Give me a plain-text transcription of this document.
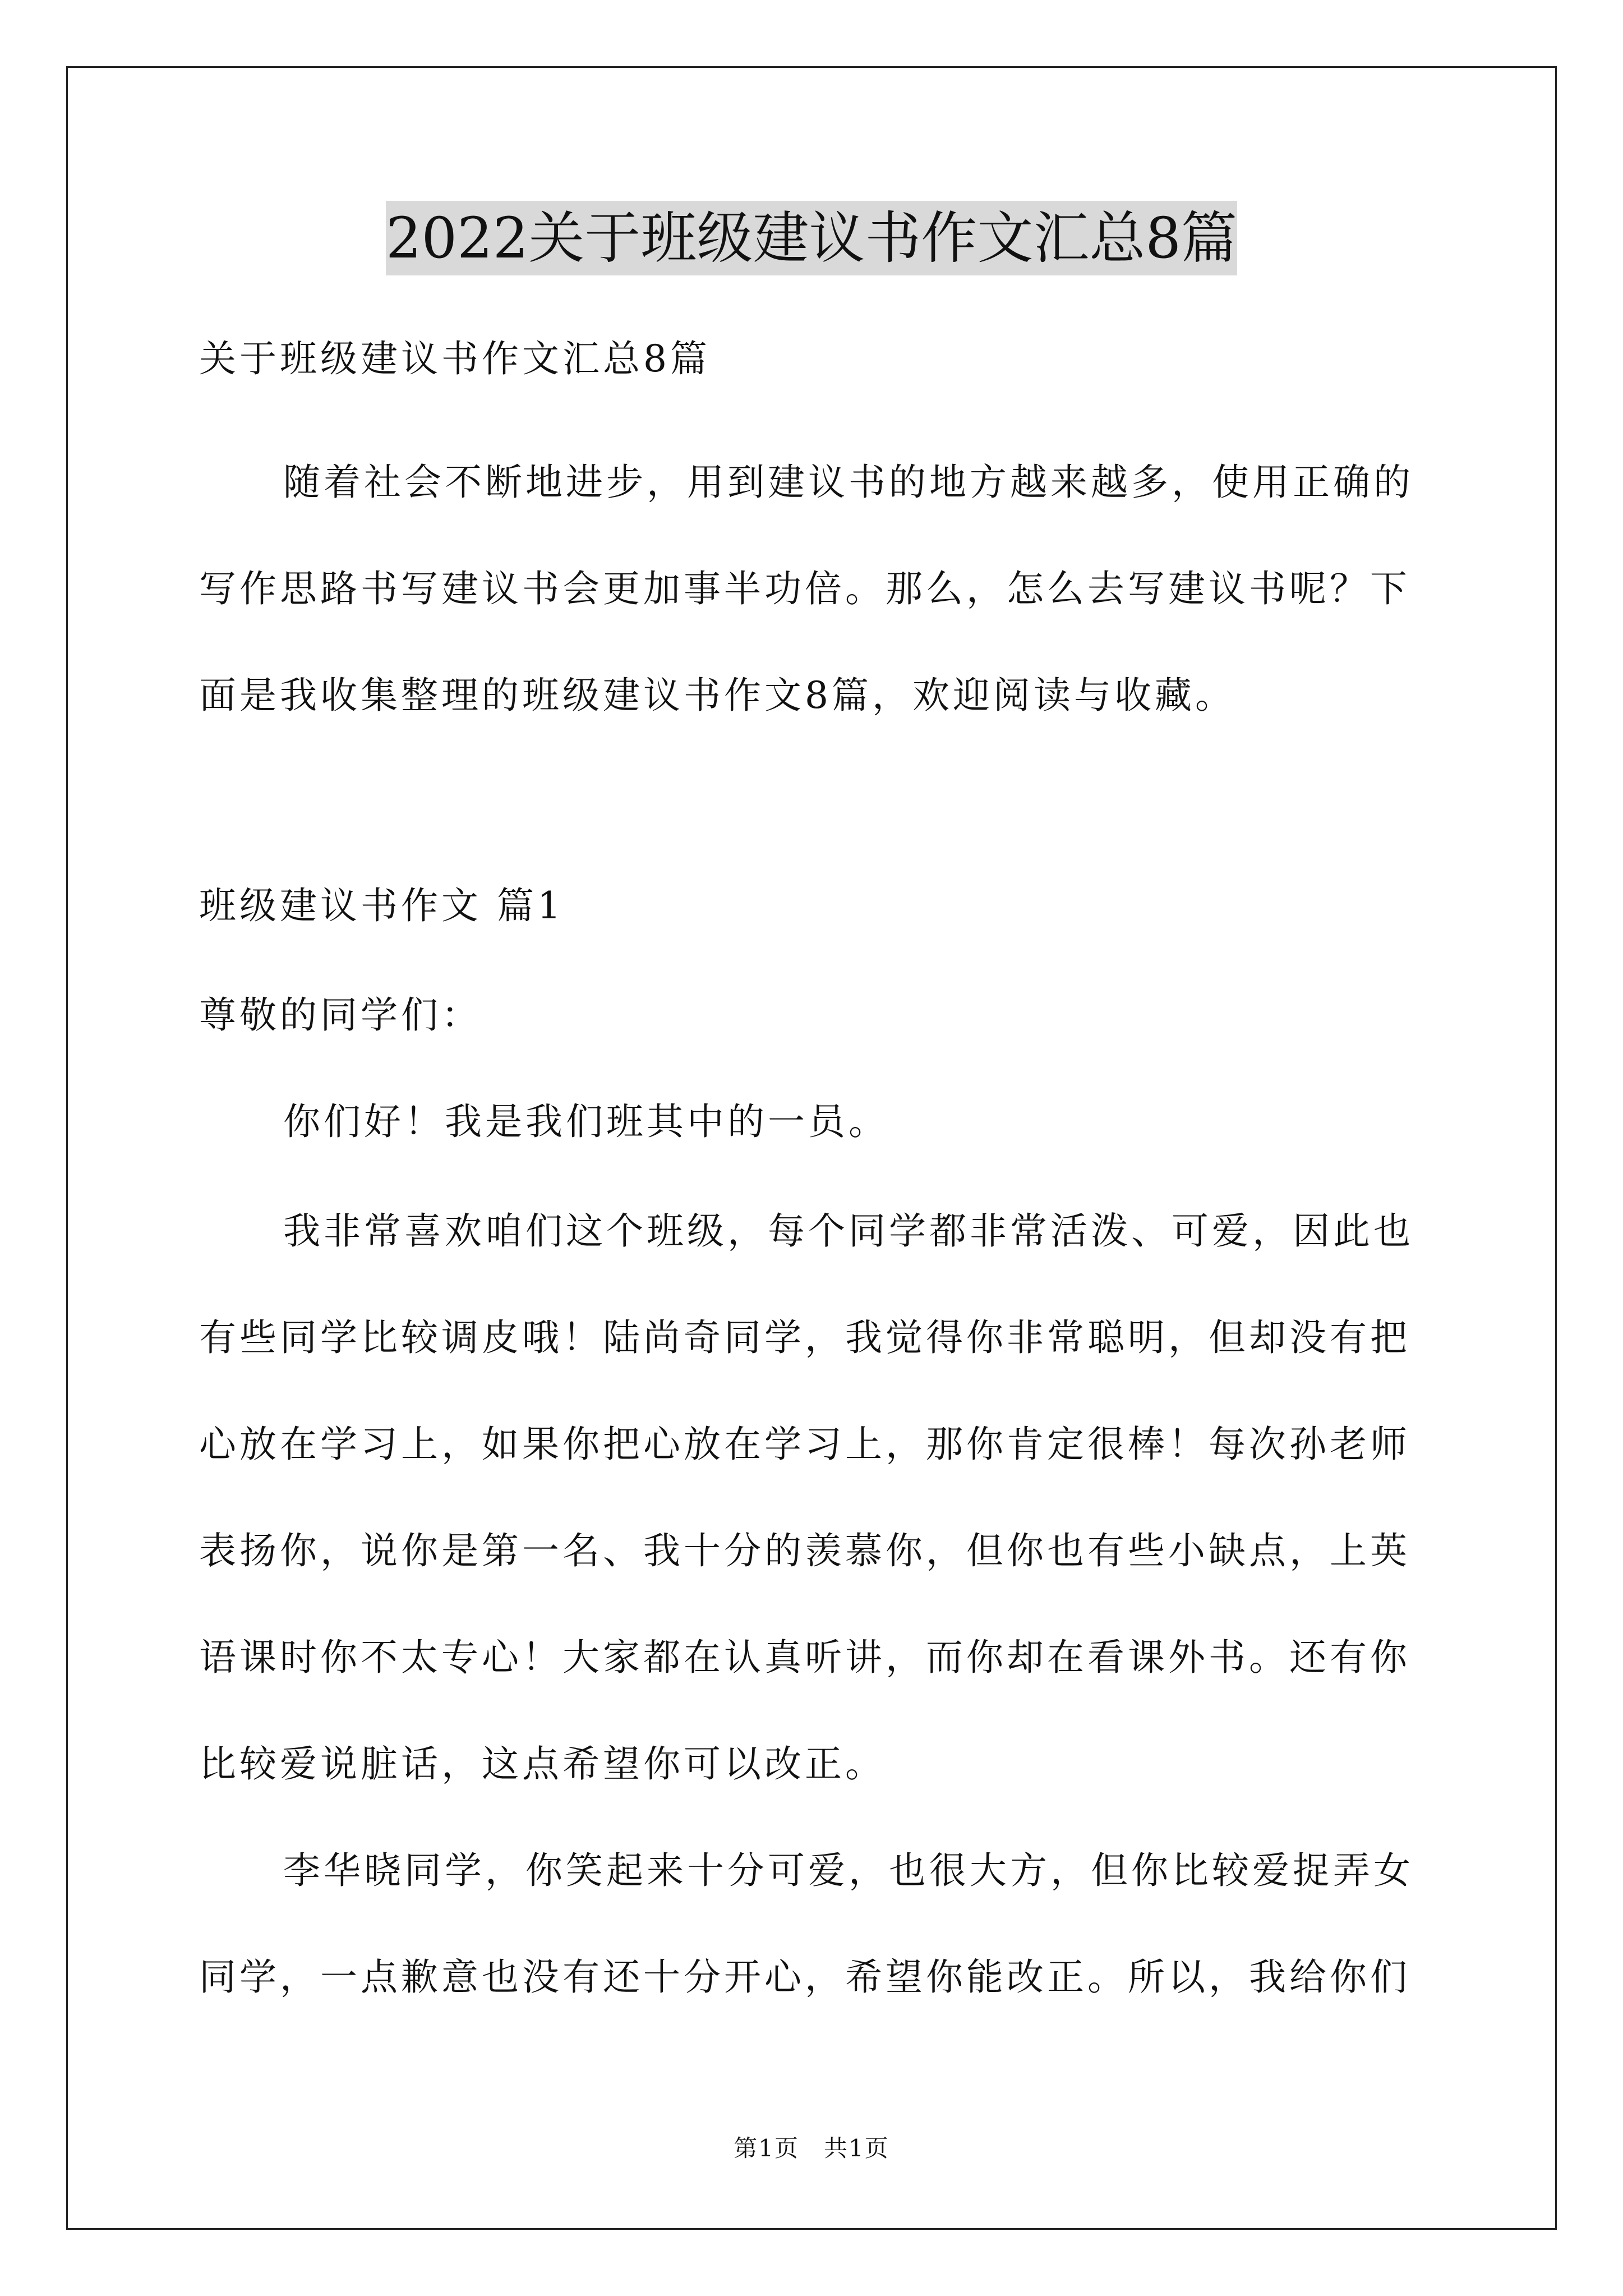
2022关于班级建议书作文汇总8篇
关于班级建议书作文汇总8篇
随着社会不断地进步，用到建议书的地方越来越多，使用正确的
写作思路书写建议书会更加事半功倍。那么，怎么去写建议书呢？下
面是我收集整理的班级建议书作文8篇，欢迎阅读与收藏。
班级建议书作文 篇1
尊敬的同学们：
你们好！我是我们班其中的一员。
我非常喜欢咱们这个班级，每个同学都非常活泼、可爱，因此也
有些同学比较调皮哦！陆尚奇同学，我觉得你非常聪明，但却没有把
心放在学习上，如果你把心放在学习上，那你肯定很棒！每次孙老师
表扬你，说你是第一名、我十分的羡慕你，但你也有些小缺点，上英
语课时你不太专心！大家都在认真听讲，而你却在看课外书。还有你
比较爱说脏话，这点希望你可以改正。
李华晓同学，你笑起来十分可爱，也很大方，但你比较爱捉弄女
同学，一点歉意也没有还十分开心，希望你能改正。所以，我给你们
第1页　共1页
